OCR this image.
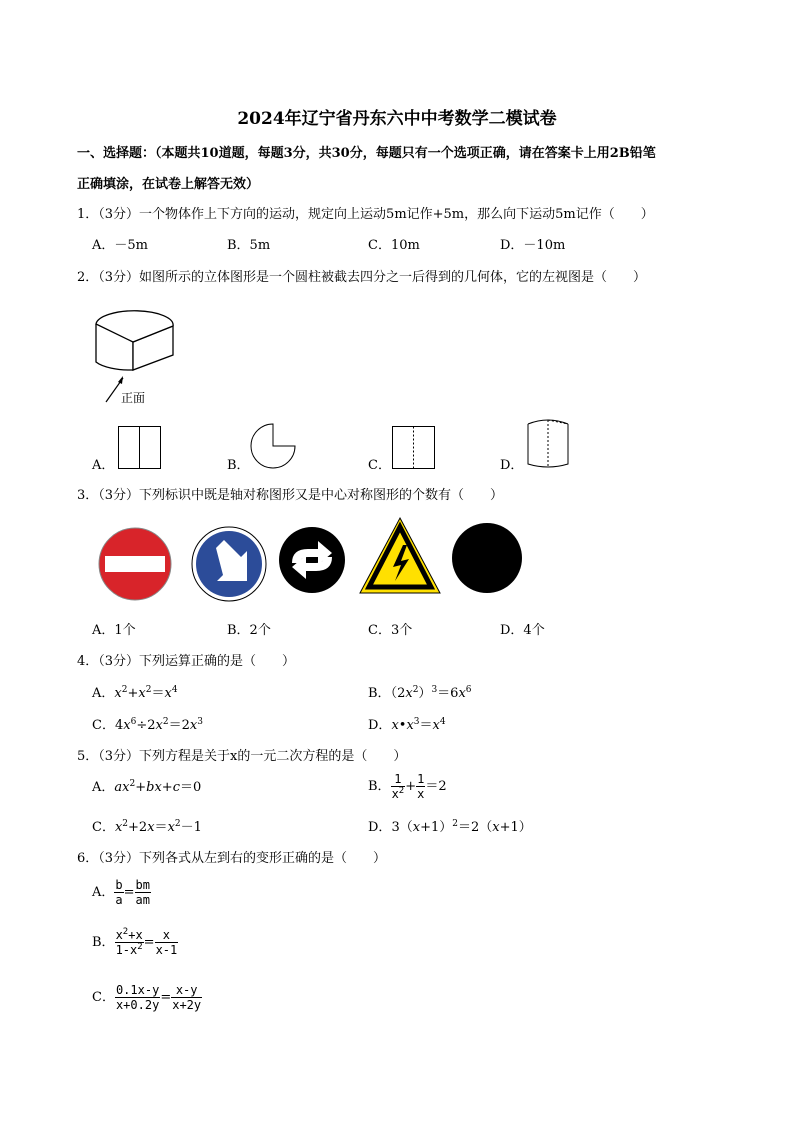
2024年辽宁省丹东六中中考数学二模试卷
一、选择题：（本题共10道题，每题3分，共30分，每题只有一个选项正确，请在答案卡上用2B铅笔
正确填涂，在试卷上解答无效）
1．（3分）一个物体作上下方向的运动，规定向上运动5m记作+5m，那么向下运动5m记作（　　）
A．－5m	B．5m	C．10m	D．－10m
2．（3分）如图所示的立体图形是一个圆柱被截去四分之一后得到的几何体，它的左视图是（　　）
正面
A．	B．	C．	D．
3．（3分）下列标识中既是轴对称图形又是中心对称图形的个数有（　　）
A．1个	B．2个	C．3个	D．4个
4．（3分）下列运算正确的是（　　）
A．$x^2+x^2=x^4$	B．$(2x^2)^3=6x^6$
C．$4x^6\div 2x^2=2x^3$	D．$x•x^3=x^4$
5．（3分）下列方程是关于x的一元二次方程的是（　　）
A．$ax^2+bx+c=0$	B． $\frac{1}{x^2} + \frac{1}{x} =2$
C．$x^2+2x=x^2-1$	D．$3(x+1)^2=2(x+1)$
6．（3分）下列各式从左到右的变形正确的是（　　）
A． $\frac{b}{a} = \frac{bm}{am}$
B． $\frac{x^2+x}{1-x^2} = \frac{x}{x-1}$
C． $\frac{0.1x-y}{x+0.2y} = \frac{x-y}{x+2y}$
